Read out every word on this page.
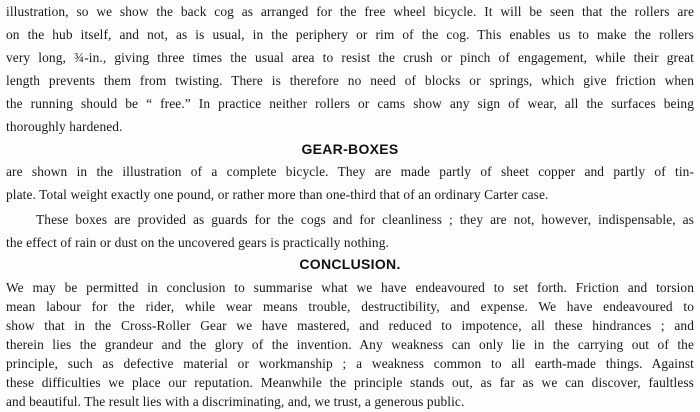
illustration, so we show the back cog as arranged for the free wheel bicycle. It will be seen that the rollers are
on the hub itself, and not, as is usual, in the periphery or rim of the cog. This enables us to make the rollers
very long, ¾-in., giving three times the usual area to resist the crush or pinch of engagement, while their great
length prevents them from twisting. There is therefore no need of blocks or springs, which give friction when
the running should be “ free.” In practice neither rollers or cams show any sign of wear, all the surfaces being
thoroughly hardened.
GEAR-BOXES
are shown in the illustration of a complete bicycle. They are made partly of sheet copper and partly of tin-
plate. Total weight exactly one pound, or rather more than one-third that of an ordinary Carter case.
These boxes are provided as guards for the cogs and for cleanliness ; they are not, however, indispensable, as
the effect of rain or dust on the uncovered gears is practically nothing.
CONCLUSION.
We may be permitted in conclusion to summarise what we have endeavoured to set forth. Friction and torsion
mean labour for the rider, while wear means trouble, destructibility, and expense. We have endeavoured to
show that in the Cross-Roller Gear we have mastered, and reduced to impotence, all these hindrances ; and
therein lies the grandeur and the glory of the invention. Any weakness can only lie in the carrying out of the
principle, such as defective material or workmanship ; a weakness common to all earth-made things. Against
these difficulties we place our reputation. Meanwhile the principle stands out, as far as we can discover, faultless
and beautiful. The result lies with a discriminating, and, we trust, a generous public.
